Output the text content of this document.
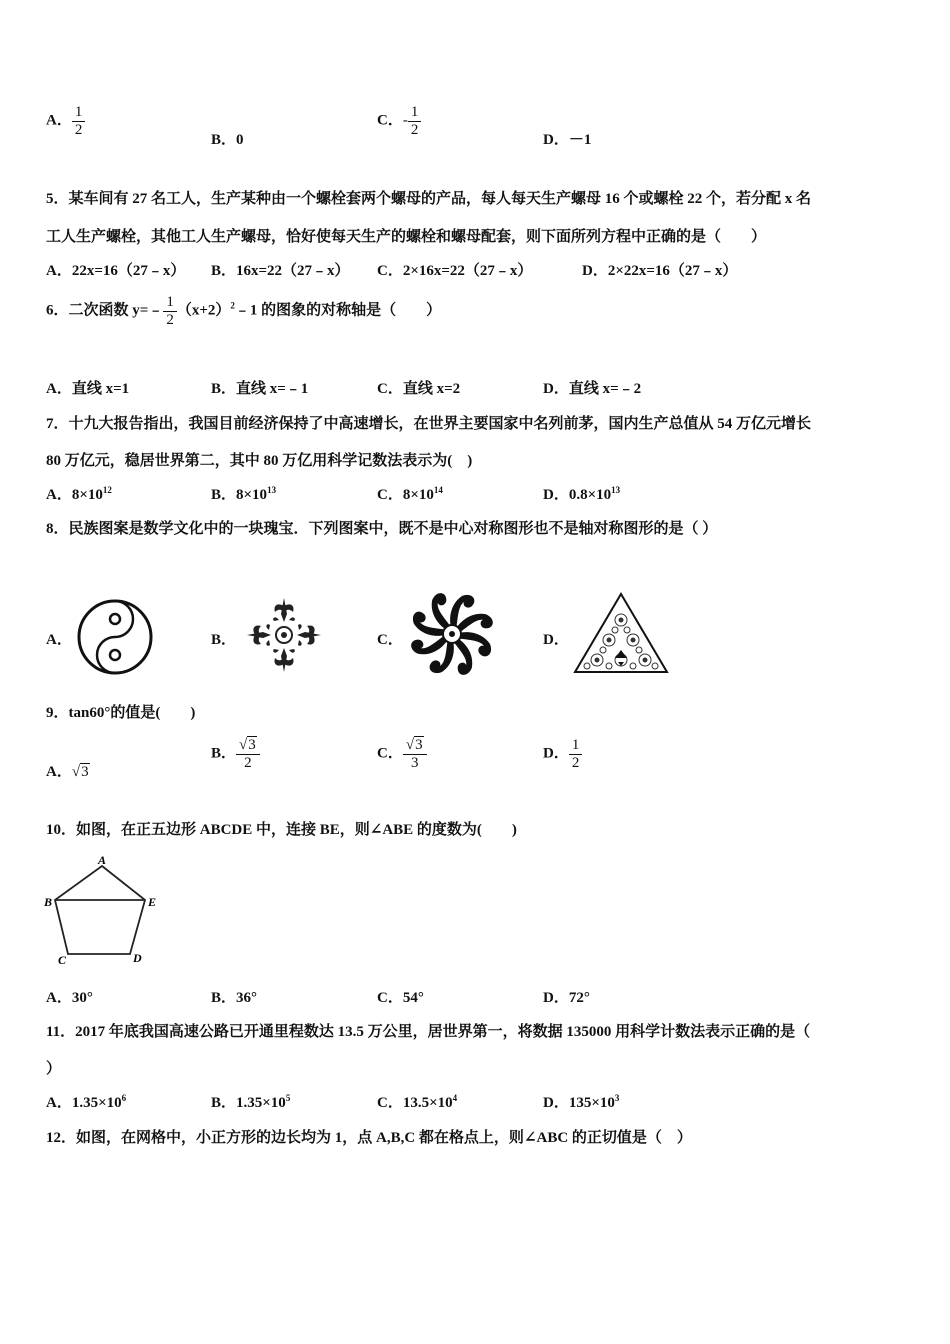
A． $\frac{1}{2}$
B．0
C．- $\frac{1}{2}$
D．－1
5．某车间有 27 名工人，生产某种由一个螺栓套两个螺母的产品，每人每天生产螺母 16 个或螺栓 22 个，若分配 x 名
工人生产螺栓，其他工人生产螺母，恰好使每天生产的螺栓和螺母配套，则下面所列方程中正确的是（　　）
A．22x=16（27﹣x） B．16x=22（27﹣x） C．2×16x=22（27﹣x）	D．2×22x=16（27﹣x）
6．二次函数 y=﹣ $\frac{1}{2}$ $(x+2)^2﹣1$ 的图象的对称轴是（　　）
A．直线 x=1	B．直线 x=﹣1	C．直线 x=2	D．直线 x=﹣2
7．十九大报告指出，我国目前经济保持了中高速增长，在世界主要国家中名列前茅，国内生产总值从 54 万亿元增长
80 万亿元，稳居世界第二，其中 80 万亿用科学记数法表示为(　)
A．$8\times 10^{12}$	B．$8\times 10^{13}$	C．$8\times 10^{14}$	D．$0.8\times 10^{13}$
8．民族图案是数学文化中的一块瑰宝．下列图案中，既不是中心对称图形也不是轴对称图形的是（ ）
A．	B．	C．	D．
9．tan60°的值是(　　)
A．√3
B． $\frac{√3}{2}$	C． $\frac{√3}{3}$	D． $\frac{1}{2}$
10．如图，在正五边形 ABCDE 中，连接 BE，则∠ABE 的度数为(　　)
A
B
C	D
E
A．30°	B．36°	C．54°	D．72°
11．2017 年底我国高速公路已开通里程数达 13.5 万公里，居世界第一，将数据 135000 用科学计数法表示正确的是（
）
A．$1.35\times 10^6$	B．$1.35\times 10^5$	C．$13.5\times 10^4$	D．$135\times 10^3$
12．如图，在网格中，小正方形的边长均为 1，点 A,B,C 都在格点上，则∠ABC 的正切值是（　）
